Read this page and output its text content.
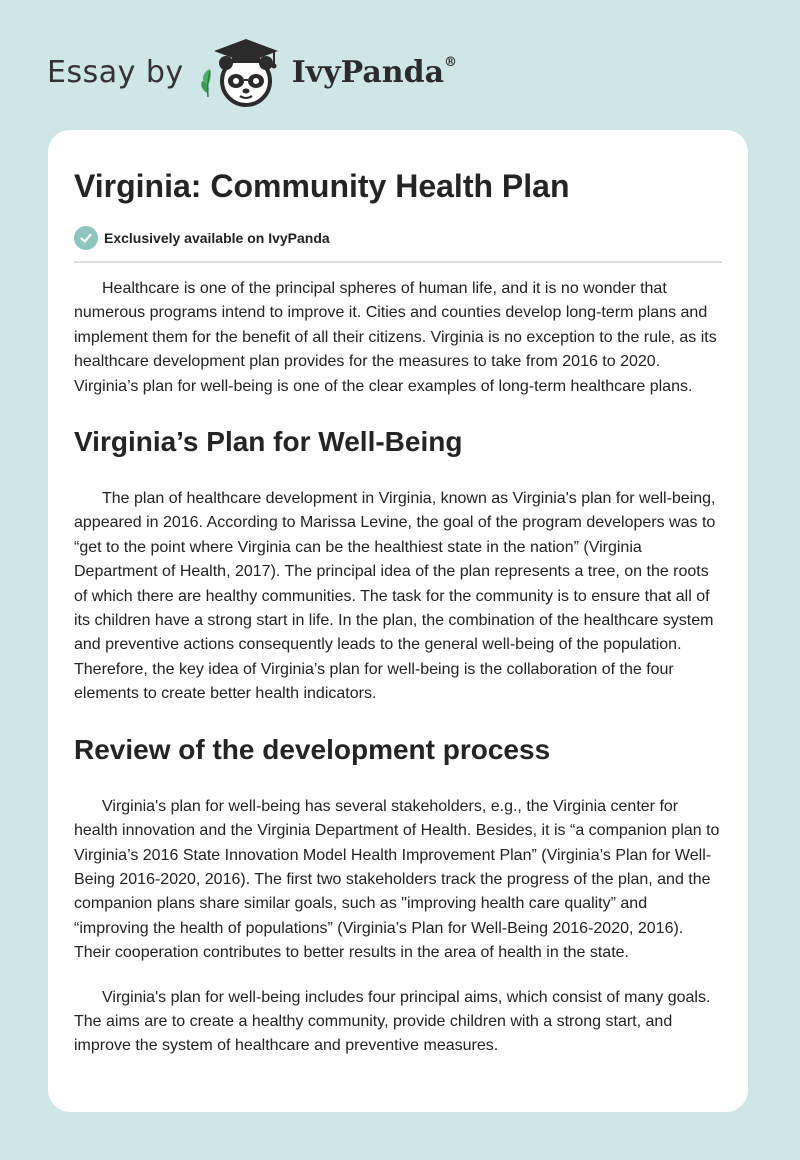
Essay by	IvyPanda®
Virginia: Community Health Plan
Exclusively available on IvyPanda

Healthcare is one of the principal spheres of human life, and it is no wonder that numerous programs intend to improve it. Cities and counties develop long-term plans and implement them for the benefit of all their citizens. Virginia is no exception to the rule, as its healthcare development plan provides for the measures to take from 2016 to 2020. Virginia’s plan for well-being is one of the clear examples of long-term healthcare plans.

Virginia’s Plan for Well-Being

The plan of healthcare development in Virginia, known as Virginia's plan for well-being, appeared in 2016. According to Marissa Levine, the goal of the program developers was to “get to the point where Virginia can be the healthiest state in the nation” (Virginia Department of Health, 2017). The principal idea of the plan represents a tree, on the roots of which there are healthy communities. The task for the community is to ensure that all of its children have a strong start in life. In the plan, the combination of the healthcare system and preventive actions consequently leads to the general well-being of the population. Therefore, the key idea of Virginia’s plan for well-being is the collaboration of the four elements to create better health indicators.

Review of the development process

Virginia's plan for well-being has several stakeholders, e.g., the Virginia center for health innovation and the Virginia Department of Health. Besides, it is “a companion plan to Virginia’s 2016 State Innovation Model Health Improvement Plan” (Virginia’s Plan for Well-Being 2016-2020, 2016). The first two stakeholders track the progress of the plan, and the companion plans share similar goals, such as "improving health care quality” and “improving the health of populations” (Virginia’s Plan for Well-Being 2016-2020, 2016). Their cooperation contributes to better results in the area of health in the state.

Virginia's plan for well-being includes four principal aims, which consist of many goals. The aims are to create a healthy community, provide children with a strong start, and improve the system of healthcare and preventive measures.
